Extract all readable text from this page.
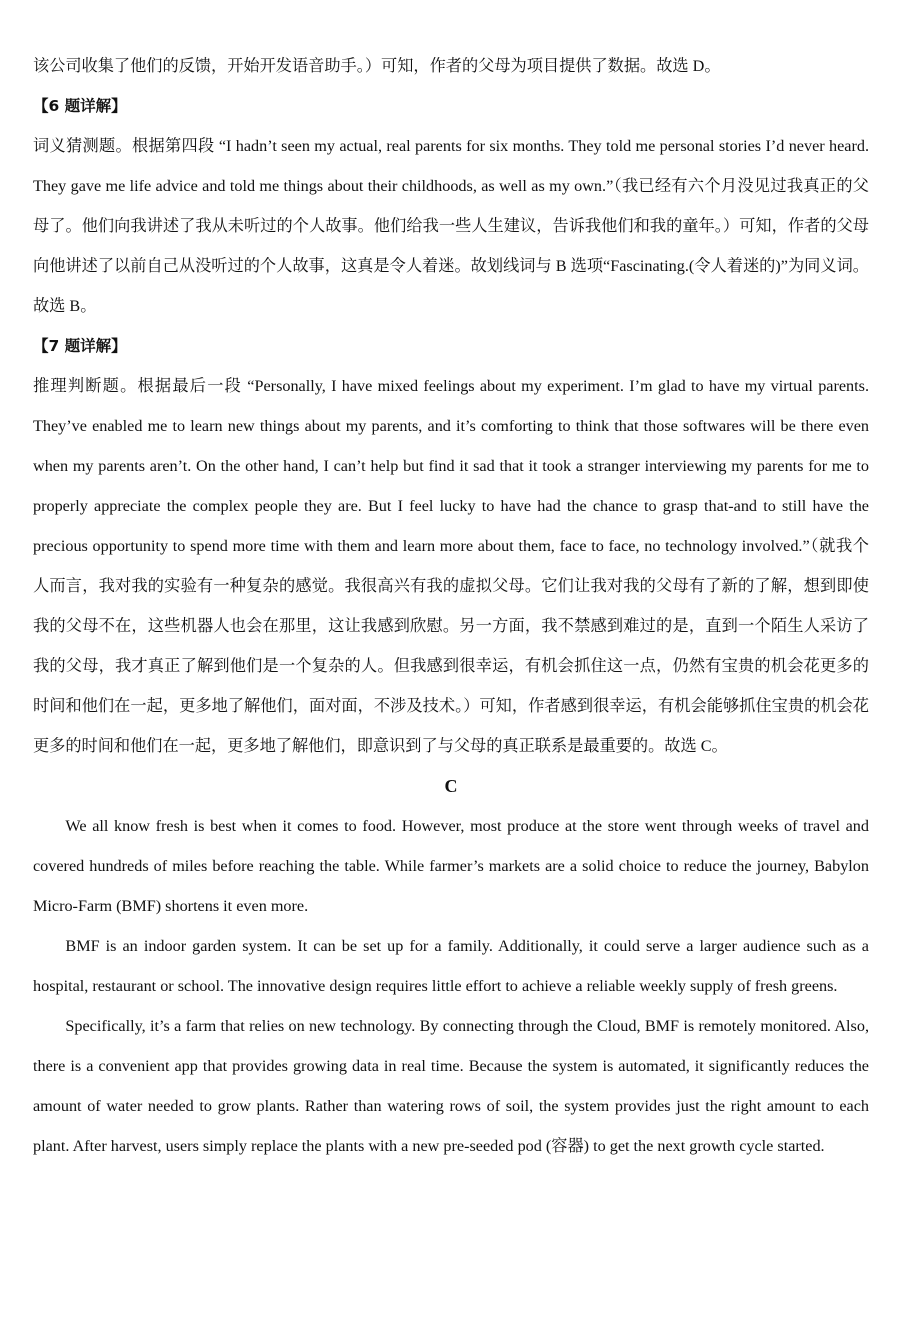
该公司收集了他们的反馈，开始开发语音助手。）可知，作者的父母为项目提供了数据。故选 D。

【6 题详解】

词义猜测题。根据第四段 “I hadn’t seen my actual, real parents for six months. They told me personal stories I’d never heard. They gave me life advice and told me things about their childhoods, as well as my own.”（我已经有六个月没见过我真正的父母了。他们向我讲述了我从未听过的个人故事。他们给我一些人生建议，告诉我他们和我的童年。）可知，作者的父母向他讲述了以前自己从没听过的个人故事，这真是令人着迷。故划线词与 B 选项“Fascinating.(令人着迷的)”为同义词。故选 B。

【7 题详解】

推理判断题。根据最后一段 “Personally, I have mixed feelings about my experiment. I’m glad to have my virtual parents. They’ve enabled me to learn new things about my parents, and it’s comforting to think that those softwares will be there even when my parents aren’t. On the other hand, I can’t help but find it sad that it took a stranger interviewing my parents for me to properly appreciate the complex people they are. But I feel lucky to have had the chance to grasp that-and to still have the precious opportunity to spend more time with them and learn more about them, face to face, no technology involved.”（就我个人而言，我对我的实验有一种复杂的感觉。我很高兴有我的虚拟父母。它们让我对我的父母有了新的了解，想到即使我的父母不在，这些机器人也会在那里，这让我感到欣慰。另一方面，我不禁感到难过的是，直到一个陌生人采访了我的父母，我才真正了解到他们是一个复杂的人。但我感到很幸运，有机会抓住这一点，仍然有宝贵的机会花更多的时间和他们在一起，更多地了解他们，面对面，不涉及技术。）可知，作者感到很幸运，有机会能够抓住宝贵的机会花更多的时间和他们在一起，更多地了解他们，即意识到了与父母的真正联系是最重要的。故选 C。

C

We all know fresh is best when it comes to food. However, most produce at the store went through weeks of travel and covered hundreds of miles before reaching the table. While farmer’s markets are a solid choice to reduce the journey, Babylon Micro-Farm (BMF) shortens it even more.

BMF is an indoor garden system. It can be set up for a family. Additionally, it could serve a larger audience such as a hospital, restaurant or school. The innovative design requires little effort to achieve a reliable weekly supply of fresh greens.

Specifically, it’s a farm that relies on new technology. By connecting through the Cloud, BMF is remotely monitored. Also, there is a convenient app that provides growing data in real time. Because the system is automated, it significantly reduces the amount of water needed to grow plants. Rather than watering rows of soil, the system provides just the right amount to each plant. After harvest, users simply replace the plants with a new pre-seeded pod (容器) to get the next growth cycle started.
